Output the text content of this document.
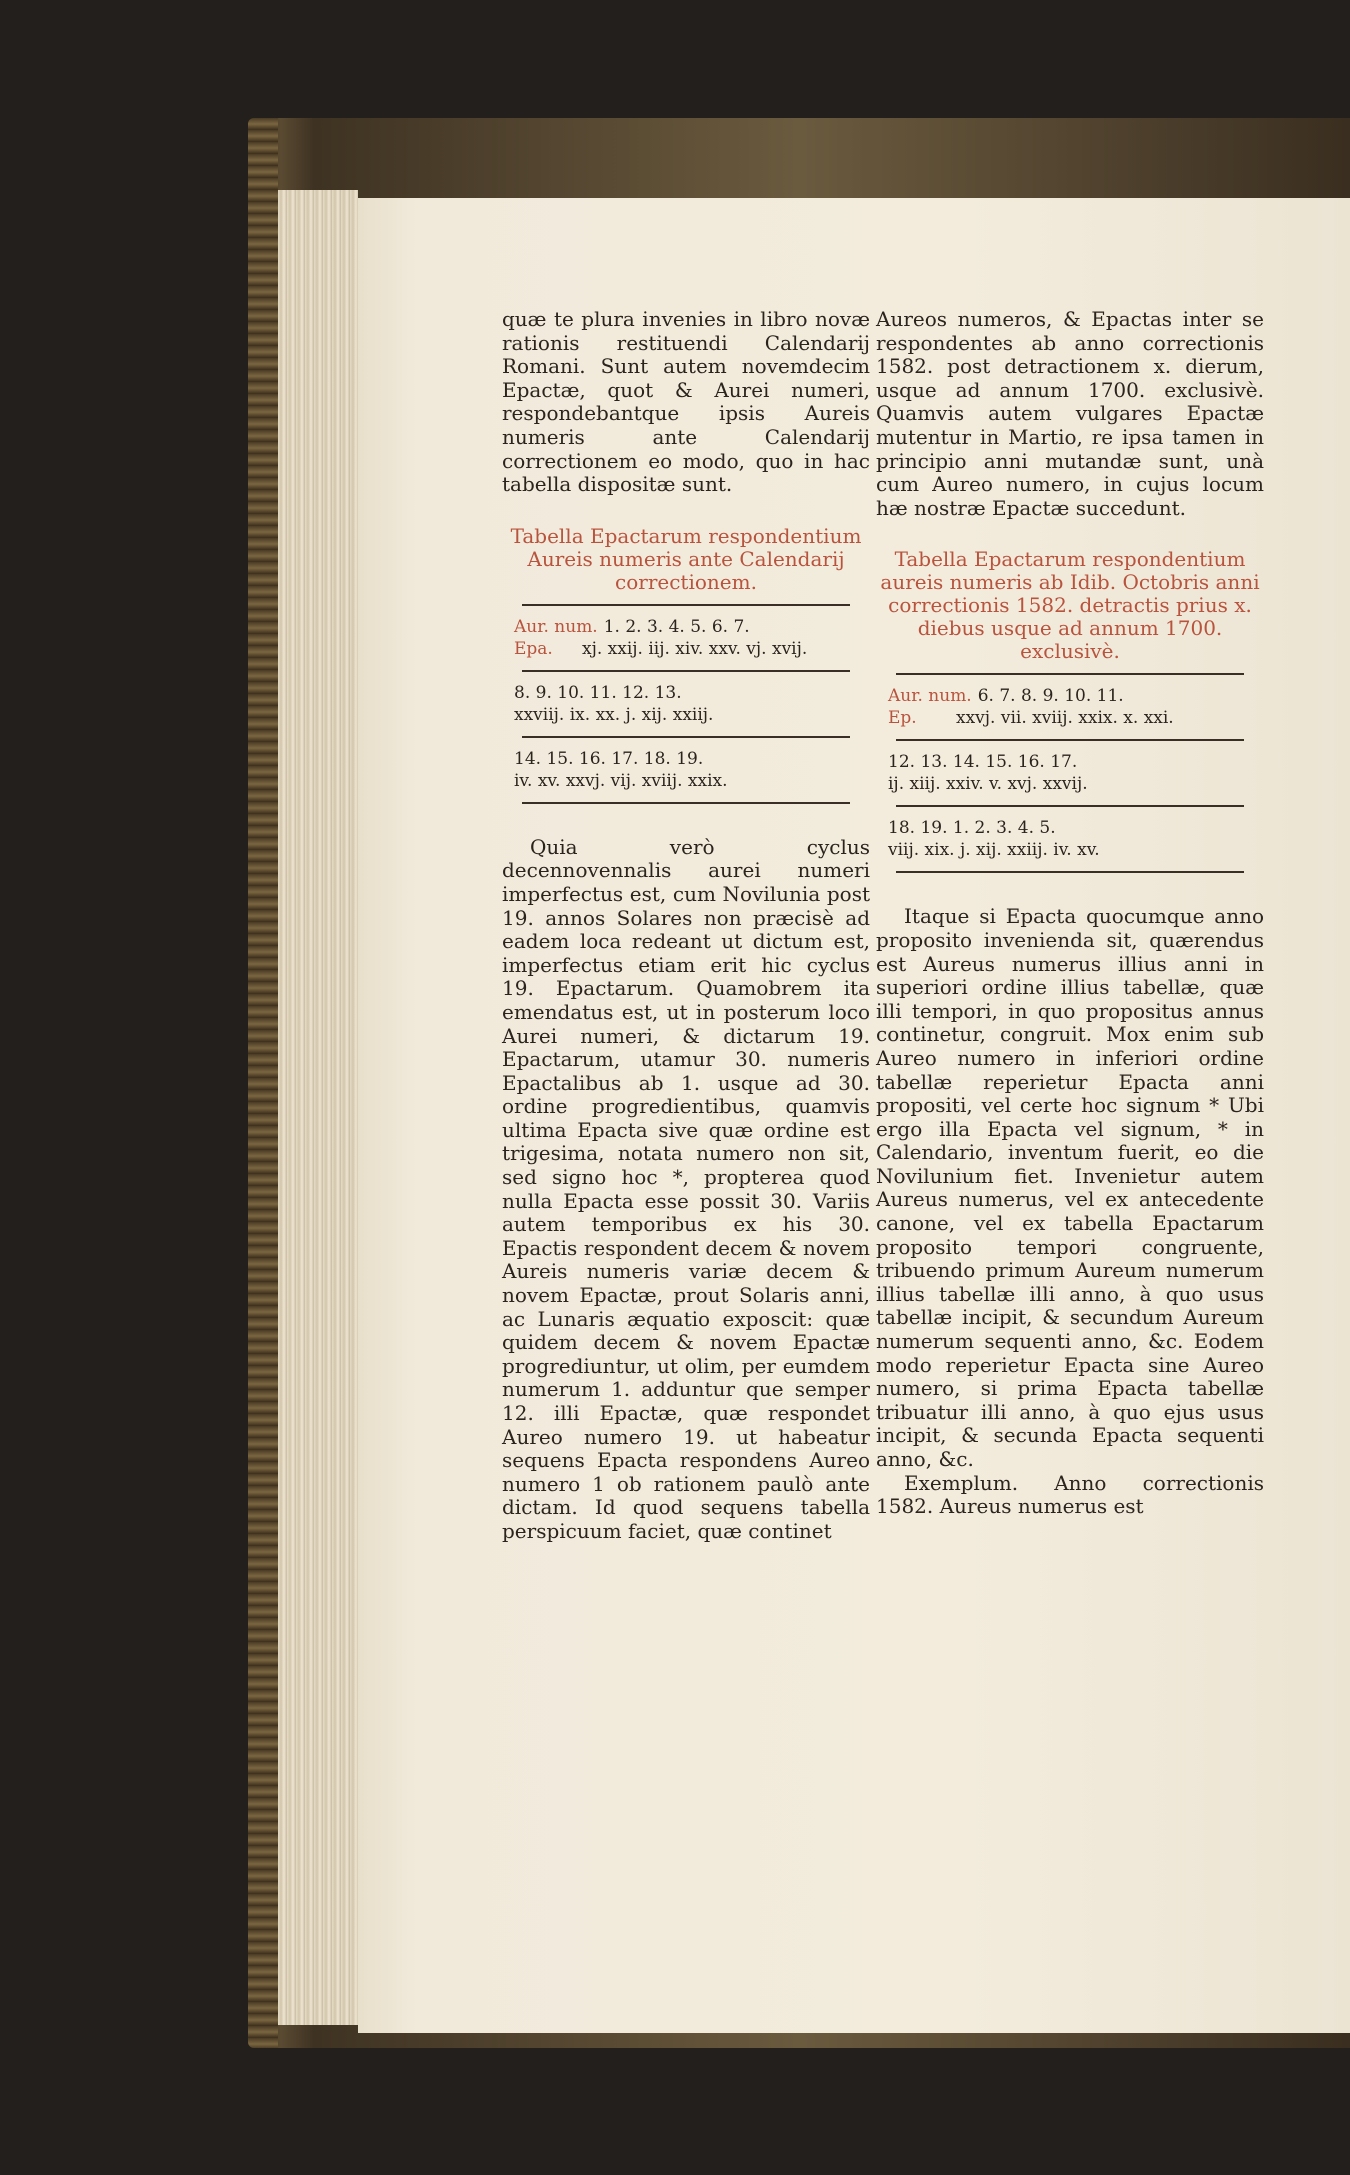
quæ te plura invenies in libro novæ rationis restituendi Calendarij Romani. Sunt autem novemdecim Epactæ, quot & Aurei numeri, respondebantque ipsis Aureis numeris ante Calendarij correctionem eo modo, quo in hac tabella dispositæ sunt.

Tabella Epactarum respondentium Aureis numeris ante Calendarij correctionem.

Aur. num. 1. 2. 3. 4. 5. 6. 7.
Epa.	xj. xxij. iij. xiv. xxv. vj. xvij.
8. 9. 10. 11. 12. 13.
xxviij. ix. xx. j. xij. xxiij.
14. 15. 16. 17. 18. 19.
iv. xv. xxvj. vij. xviij. xxix.

Quia verò cyclus decennovennalis aurei numeri imperfectus est, cum Novilunia post 19. annos Solares non præcisè ad eadem loca redeant ut dictum est, imperfectus etiam erit hic cyclus 19. Epactarum. Quamobrem ita emendatus est, ut in posterum loco Aurei numeri, & dictarum 19. Epactarum, utamur 30. numeris Epactalibus ab 1. usque ad 30. ordine progredientibus, quamvis ultima Epacta sive quæ ordine est trigesima, notata numero non sit, sed signo hoc *, propterea quod nulla Epacta esse possit 30. Variis autem temporibus ex his 30. Epactis respondent decem & novem Aureis numeris variæ decem & novem Epactæ, prout Solaris anni, ac Lunaris æquatio exposcit: quæ quidem decem & novem Epactæ progrediuntur, ut olim, per eumdem numerum 1. adduntur que semper 12. illi Epactæ, quæ respondet Aureo numero 19. ut habeatur sequens Epacta respondens Aureo numero 1 ob rationem paulò ante dictam. Id quod sequens tabella perspicuum faciet, quæ continet

Aureos numeros, & Epactas inter se respondentes ab anno correctionis 1582. post detractionem x. dierum, usque ad annum 1700. exclusivè. Quamvis autem vulgares Epactæ mutentur in Martio, re ipsa tamen in principio anni mutandæ sunt, unà cum Aureo numero, in cujus locum hæ nostræ Epactæ succedunt.

Tabella Epactarum respondentium aureis numeris ab Idib. Octobris anni correctionis 1582. detractis prius x. diebus usque ad annum 1700. exclusivè.

Aur. num. 6. 7. 8. 9. 10. 11.
Ep.	xxvj. vii. xviij. xxix. x. xxi.
12. 13. 14. 15. 16. 17.
ij. xiij. xxiv. v. xvj. xxvij.
18. 19. 1. 2. 3. 4. 5.
viij. xix. j. xij. xxiij. iv. xv.

Itaque si Epacta quocumque anno proposito invenienda sit, quærendus est Aureus numerus illius anni in superiori ordine illius tabellæ, quæ illi tempori, in quo propositus annus continetur, congruit. Mox enim sub Aureo numero in inferiori ordine tabellæ reperietur Epacta anni propositi, vel certe hoc signum * Ubi ergo illa Epacta vel signum, * in Calendario, inventum fuerit, eo die Novilunium fiet. Invenietur autem Aureus numerus, vel ex antecedente canone, vel ex tabella Epactarum proposito tempori congruente, tribuendo primum Aureum numerum illius tabellæ illi anno, à quo usus tabellæ incipit, & secundum Aureum numerum sequenti anno, &c. Eodem modo reperietur Epacta sine Aureo numero, si prima Epacta tabellæ tribuatur illi anno, à quo ejus usus incipit, & secunda Epacta sequenti anno, &c.

Exemplum. Anno correctionis 1582. Aureus numerus est
